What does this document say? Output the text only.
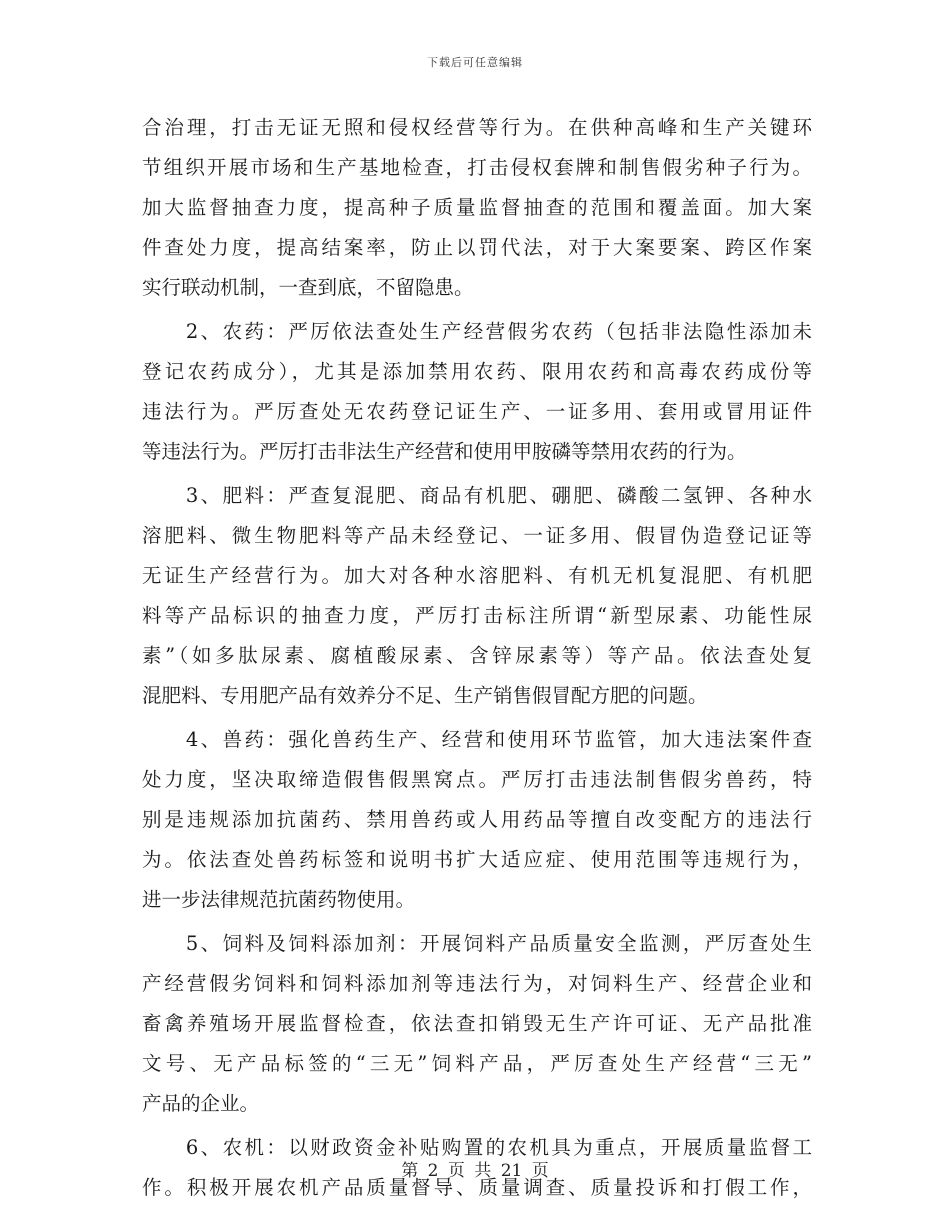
下载后可任意编辑
合治理，打击无证无照和侵权经营等行为。在供种高峰和生产关键环
节组织开展市场和生产基地检查，打击侵权套牌和制售假劣种子行为。
加大监督抽查力度，提高种子质量监督抽查的范围和覆盖面。加大案
件查处力度，提高结案率，防止以罚代法，对于大案要案、跨区作案
实行联动机制，一查到底，不留隐患。
　　2、农药：严厉依法查处生产经营假劣农药（包括非法隐性添加未
登记农药成分），尤其是添加禁用农药、限用农药和高毒农药成份等
违法行为。严厉查处无农药登记证生产、一证多用、套用或冒用证件
等违法行为。严厉打击非法生产经营和使用甲胺磷等禁用农药的行为。
　　3、肥料：严查复混肥、商品有机肥、硼肥、磷酸二氢钾、各种水
溶肥料、微生物肥料等产品未经登记、一证多用、假冒伪造登记证等
无证生产经营行为。加大对各种水溶肥料、有机无机复混肥、有机肥
料等产品标识的抽查力度，严厉打击标注所谓“新型尿素、功能性尿
素”（如多肽尿素、腐植酸尿素、含锌尿素等）等产品。依法查处复
混肥料、专用肥产品有效养分不足、生产销售假冒配方肥的问题。
　　4、兽药：强化兽药生产、经营和使用环节监管，加大违法案件查
处力度，坚决取缔造假售假黑窝点。严厉打击违法制售假劣兽药，特
别是违规添加抗菌药、禁用兽药或人用药品等擅自改变配方的违法行
为。依法查处兽药标签和说明书扩大适应症、使用范围等违规行为，
进一步法律规范抗菌药物使用。
　　5、饲料及饲料添加剂：开展饲料产品质量安全监测，严厉查处生
产经营假劣饲料和饲料添加剂等违法行为，对饲料生产、经营企业和
畜禽养殖场开展监督检查，依法查扣销毁无生产许可证、无产品批准
文号、无产品标签的“三无”饲料产品，严厉查处生产经营“三无”
产品的企业。
　　6、农机：以财政资金补贴购置的农机具为重点，开展质量监督工
作。积极开展农机产品质量督导、质量调查、质量投诉和打假工作，
第 2 页 共 21 页
